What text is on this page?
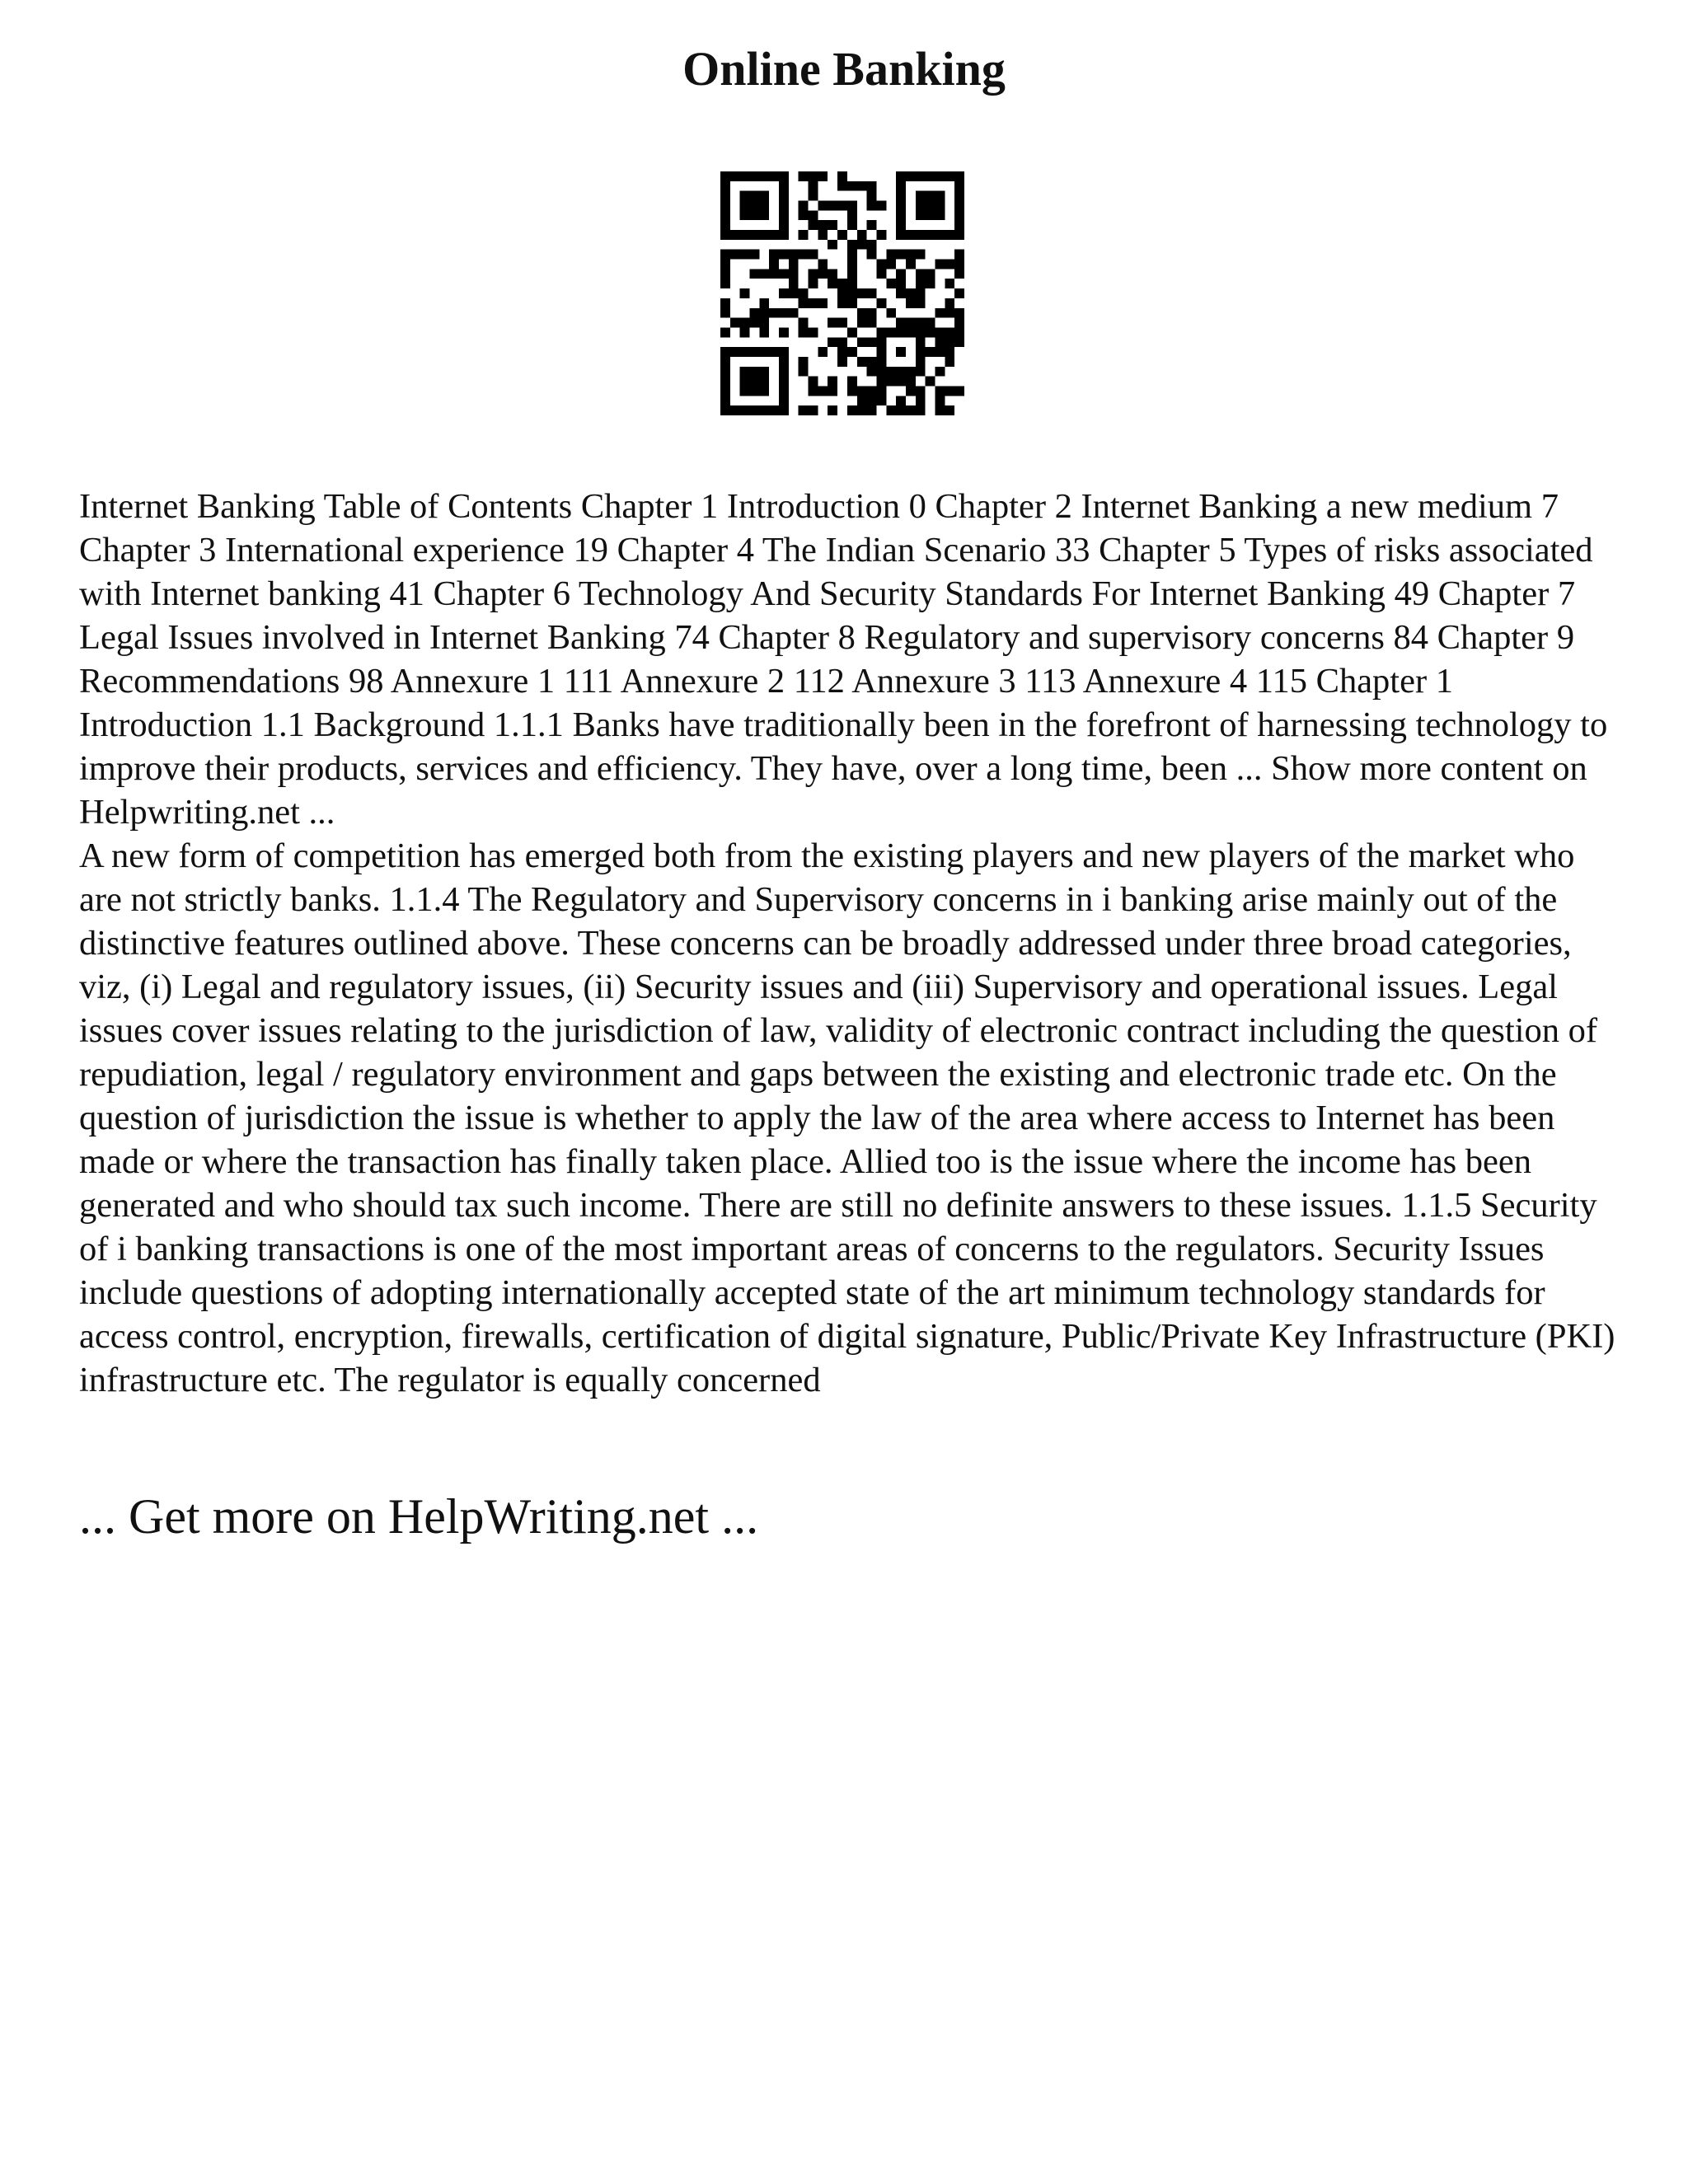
Online Banking

Internet Banking Table of Contents Chapter 1 Introduction 0 Chapter 2 Internet Banking a new medium 7 Chapter 3 International experience 19 Chapter 4 The Indian Scenario 33 Chapter 5 Types of risks associated with Internet banking 41 Chapter 6 Technology And Security Standards For Internet Banking 49 Chapter 7 Legal Issues involved in Internet Banking 74 Chapter 8 Regulatory and supervisory concerns 84 Chapter 9 Recommendations 98 Annexure 1 111 Annexure 2 112 Annexure 3 113 Annexure 4 115 Chapter 1 Introduction 1.1 Background 1.1.1 Banks have traditionally been in the forefront of harnessing technology to improve their products, services and efficiency. They have, over a long time, been ... Show more content on Helpwriting.net ...

A new form of competition has emerged both from the existing players and new players of the market who are not strictly banks. 1.1.4 The Regulatory and Supervisory concerns in i banking arise mainly out of the distinctive features outlined above. These concerns can be broadly addressed under three broad categories, viz, (i) Legal and regulatory issues, (ii) Security issues and (iii) Supervisory and operational issues. Legal issues cover issues relating to the jurisdiction of law, validity of electronic contract including the question of repudiation, legal / regulatory environment and gaps between the existing and electronic trade etc. On the question of jurisdiction the issue is whether to apply the law of the area where access to Internet has been made or where the transaction has finally taken place. Allied too is the issue where the income has been generated and who should tax such income. There are still no definite answers to these issues. 1.1.5 Security of i banking transactions is one of the most important areas of concerns to the regulators. Security Issues include questions of adopting internationally accepted state of the art minimum technology standards for access control, encryption, firewalls, certification of digital signature, Public/Private Key Infrastructure (PKI) infrastructure etc. The regulator is equally concerned

... Get more on HelpWriting.net ...
